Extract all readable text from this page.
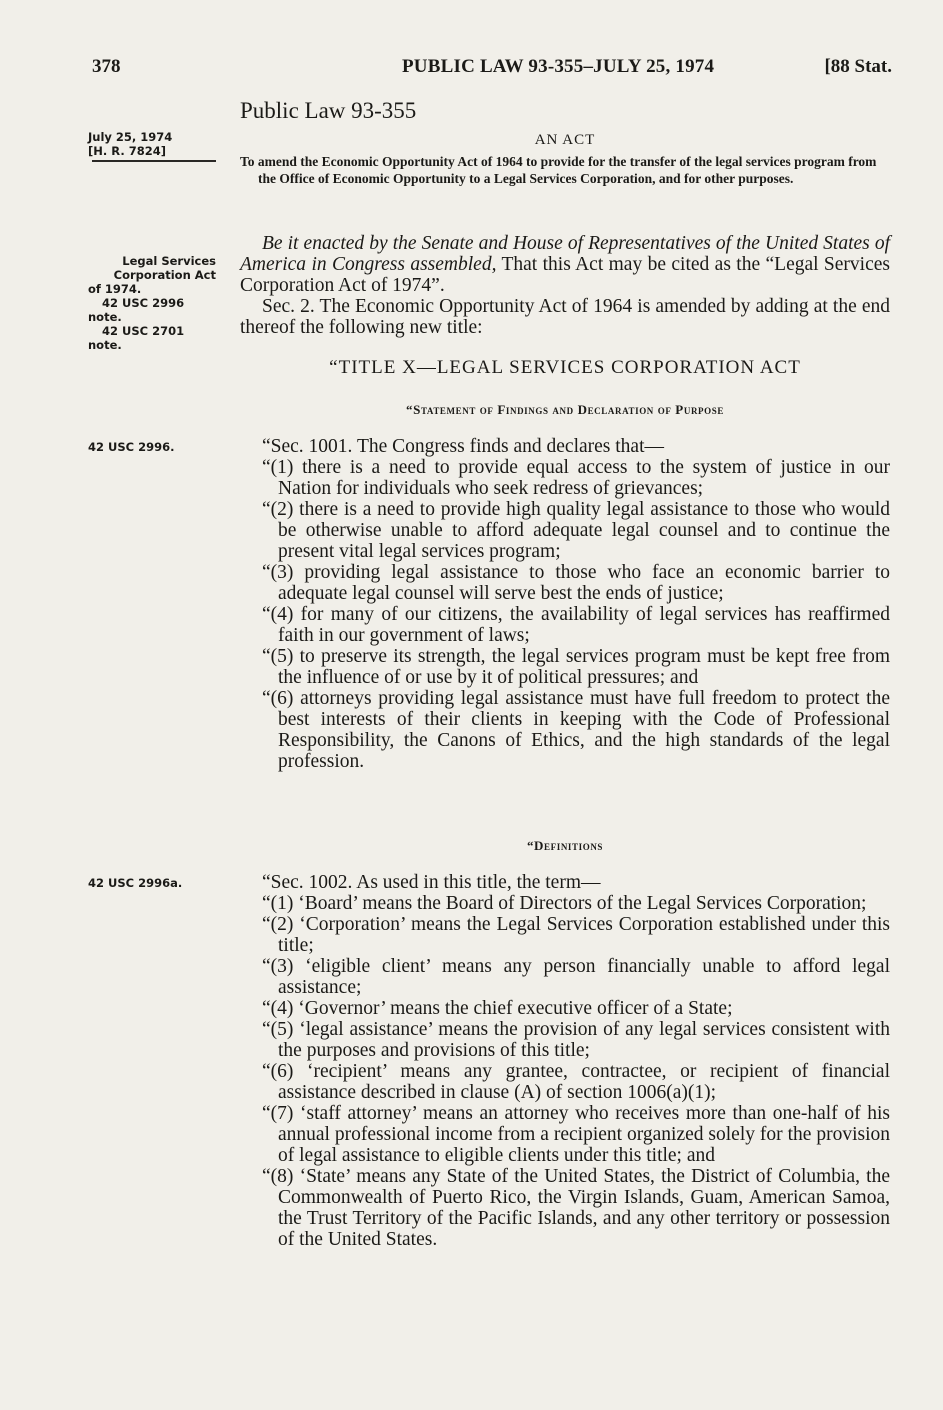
378	PUBLIC LAW 93-355–JULY 25, 1974	[88 Stat.
Public Law 93-355
July 25, 1974
[H. R. 7824]
AN ACT

To amend the Economic Opportunity Act of 1964 to provide for the transfer of the legal services program from the Office of Economic Opportunity to a Legal Services Corporation, and for other purposes.

Legal Services
Corporation Act
of 1974.
42 USC 2996
note.
42 USC 2701
note.

Be it enacted by the Senate and House of Representatives of the United States of America in Congress assembled, That this Act may be cited as the “Legal Services Corporation Act of 1974”.

Sec. 2. The Economic Opportunity Act of 1964 is amended by adding at the end thereof the following new title:

“TITLE X—LEGAL SERVICES CORPORATION ACT
“Statement of Findings and Declaration of Purpose
42 USC 2996.	“Sec. 1001. The Congress finds and declares that—

“(1) there is a need to provide equal access to the system of justice in our Nation for individuals who seek redress of grievances;

“(2) there is a need to provide high quality legal assistance to those who would be otherwise unable to afford adequate legal counsel and to continue the present vital legal services program;

“(3) providing legal assistance to those who face an economic barrier to adequate legal counsel will serve best the ends of justice;

“(4) for many of our citizens, the availability of legal services has reaffirmed faith in our government of laws;

“(5) to preserve its strength, the legal services program must be kept free from the influence of or use by it of political pressures; and

“(6) attorneys providing legal assistance must have full freedom to protect the best interests of their clients in keeping with the Code of Professional Responsibility, the Canons of Ethics, and the high standards of the legal profession.

“Definitions
42 USC 2996a.	“Sec. 1002. As used in this title, the term—

“(1) ‘Board’ means the Board of Directors of the Legal Services Corporation;

“(2) ‘Corporation’ means the Legal Services Corporation established under this title;

“(3) ‘eligible client’ means any person financially unable to afford legal assistance;

“(4) ‘Governor’ means the chief executive officer of a State;

“(5) ‘legal assistance’ means the provision of any legal services consistent with the purposes and provisions of this title;

“(6) ‘recipient’ means any grantee, contractee, or recipient of financial assistance described in clause (A) of section 1006(a)(1);

“(7) ‘staff attorney’ means an attorney who receives more than one-half of his annual professional income from a recipient organized solely for the provision of legal assistance to eligible clients under this title; and

“(8) ‘State’ means any State of the United States, the District of Columbia, the Commonwealth of Puerto Rico, the Virgin Islands, Guam, American Samoa, the Trust Territory of the Pacific Islands, and any other territory or possession of the United States.
